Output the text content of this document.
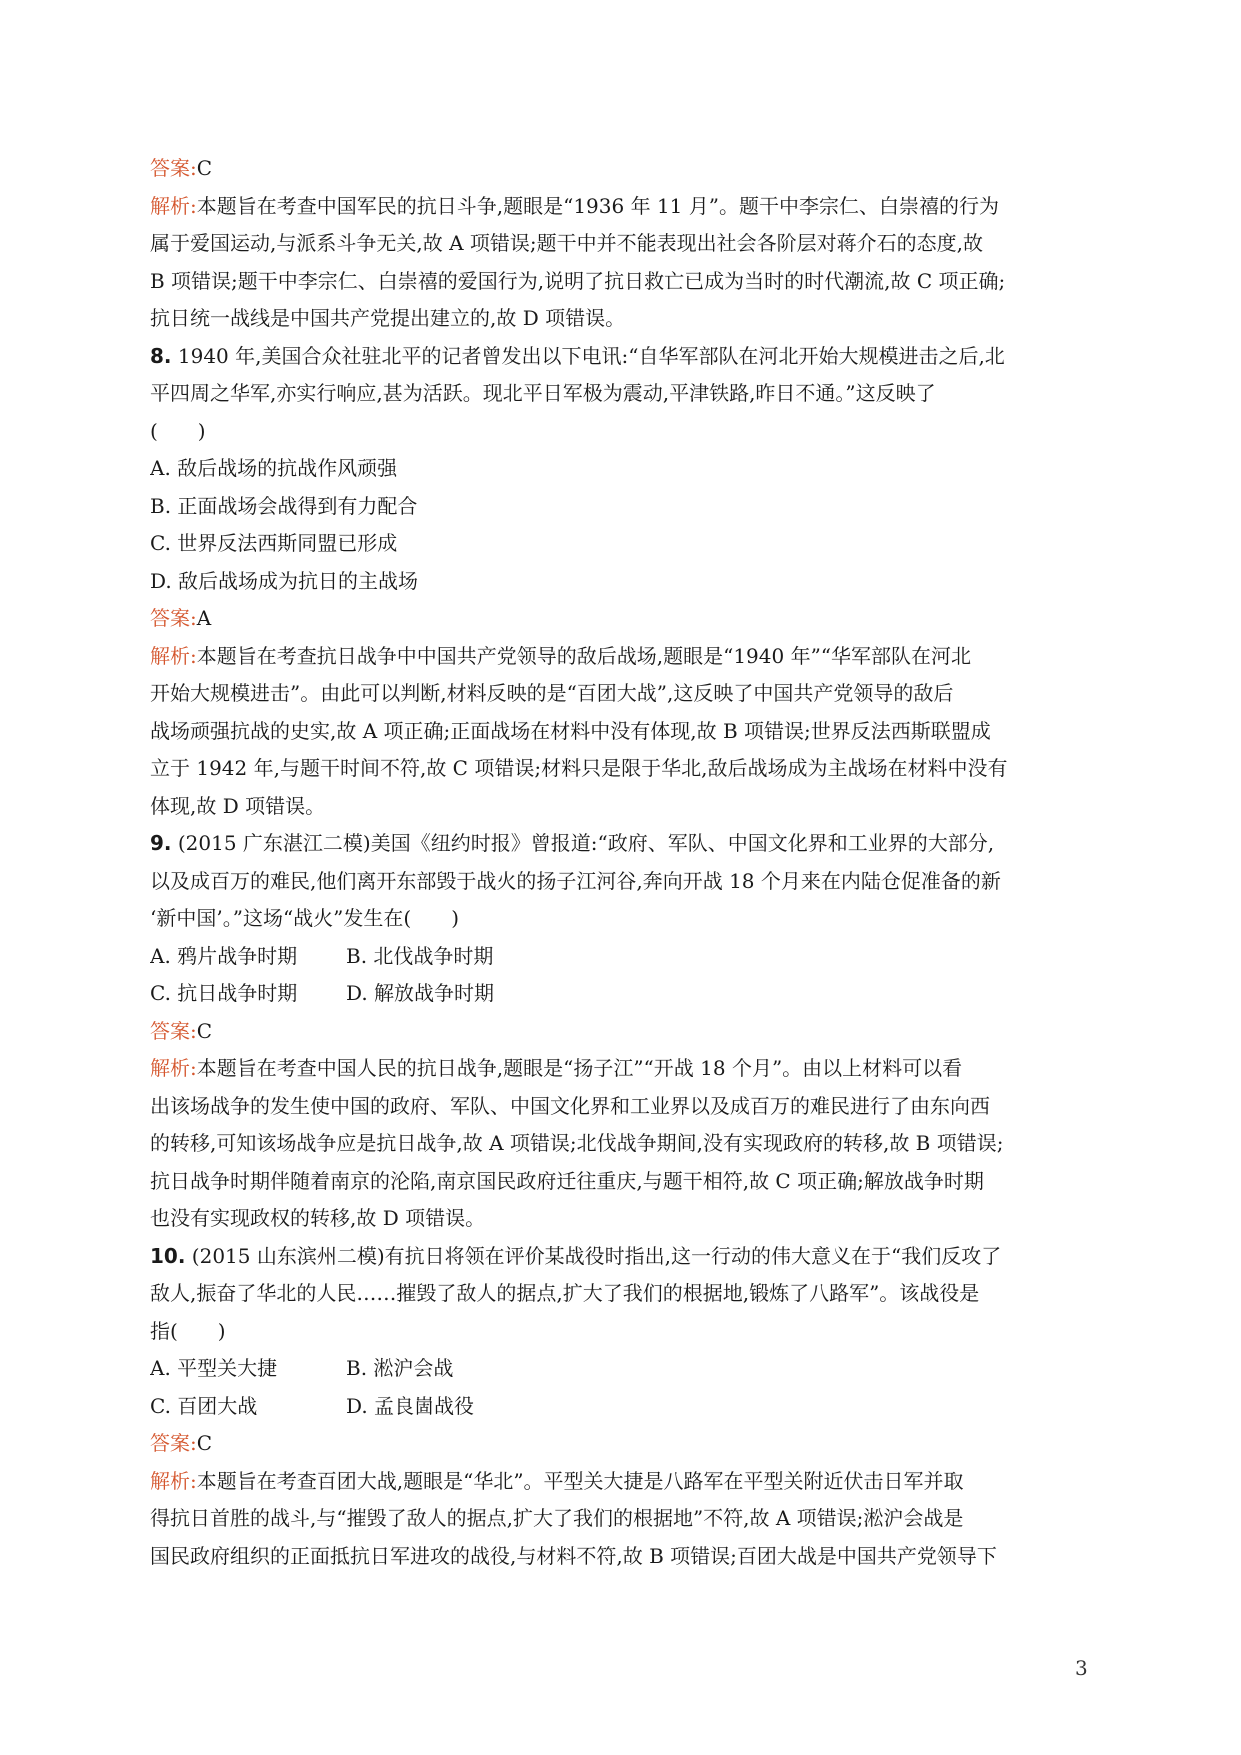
答案:C
解析:本题旨在考查中国军民的抗日斗争,题眼是“1936 年 11 月”。题干中李宗仁、白崇禧的行为
属于爱国运动,与派系斗争无关,故 A 项错误;题干中并不能表现出社会各阶层对蒋介石的态度,故
B 项错误;题干中李宗仁、白崇禧的爱国行为,说明了抗日救亡已成为当时的时代潮流,故 C 项正确;
抗日统一战线是中国共产党提出建立的,故 D 项错误。
8. 1940 年,美国合众社驻北平的记者曾发出以下电讯:“自华军部队在河北开始大规模进击之后,北
平四周之华军,亦实行响应,甚为活跃。现北平日军极为震动,平津铁路,昨日不通。”这反映了
(　　)
A. 敌后战场的抗战作风顽强
B. 正面战场会战得到有力配合
C. 世界反法西斯同盟已形成
D. 敌后战场成为抗日的主战场
答案:A
解析:本题旨在考查抗日战争中中国共产党领导的敌后战场,题眼是“1940 年”“华军部队在河北
开始大规模进击”。由此可以判断,材料反映的是“百团大战”,这反映了中国共产党领导的敌后
战场顽强抗战的史实,故 A 项正确;正面战场在材料中没有体现,故 B 项错误;世界反法西斯联盟成
立于 1942 年,与题干时间不符,故 C 项错误;材料只是限于华北,敌后战场成为主战场在材料中没有
体现,故 D 项错误。
9. (2015 广东湛江二模)美国《纽约时报》曾报道:“政府、军队、中国文化界和工业界的大部分,
以及成百万的难民,他们离开东部毁于战火的扬子江河谷,奔向开战 18 个月来在内陆仓促准备的新
‘新中国’。”这场“战火”发生在(　　)
A. 鸦片战争时期 B. 北伐战争时期
C. 抗日战争时期 D. 解放战争时期
答案:C
解析:本题旨在考查中国人民的抗日战争,题眼是“扬子江”“开战 18 个月”。由以上材料可以看
出该场战争的发生使中国的政府、军队、中国文化界和工业界以及成百万的难民进行了由东向西
的转移,可知该场战争应是抗日战争,故 A 项错误;北伐战争期间,没有实现政府的转移,故 B 项错误;
抗日战争时期伴随着南京的沦陷,南京国民政府迁往重庆,与题干相符,故 C 项正确;解放战争时期
也没有实现政权的转移,故 D 项错误。
10. (2015 山东滨州二模)有抗日将领在评价某战役时指出,这一行动的伟大意义在于“我们反攻了
敌人,振奋了华北的人民……摧毁了敌人的据点,扩大了我们的根据地,锻炼了八路军”。该战役是
指(　　)
A. 平型关大捷	B. 淞沪会战
C. 百团大战	D. 孟良崮战役
答案:C
解析:本题旨在考查百团大战,题眼是“华北”。平型关大捷是八路军在平型关附近伏击日军并取
得抗日首胜的战斗,与“摧毁了敌人的据点,扩大了我们的根据地”不符,故 A 项错误;淞沪会战是
国民政府组织的正面抵抗日军进攻的战役,与材料不符,故 B 项错误;百团大战是中国共产党领导下
3
